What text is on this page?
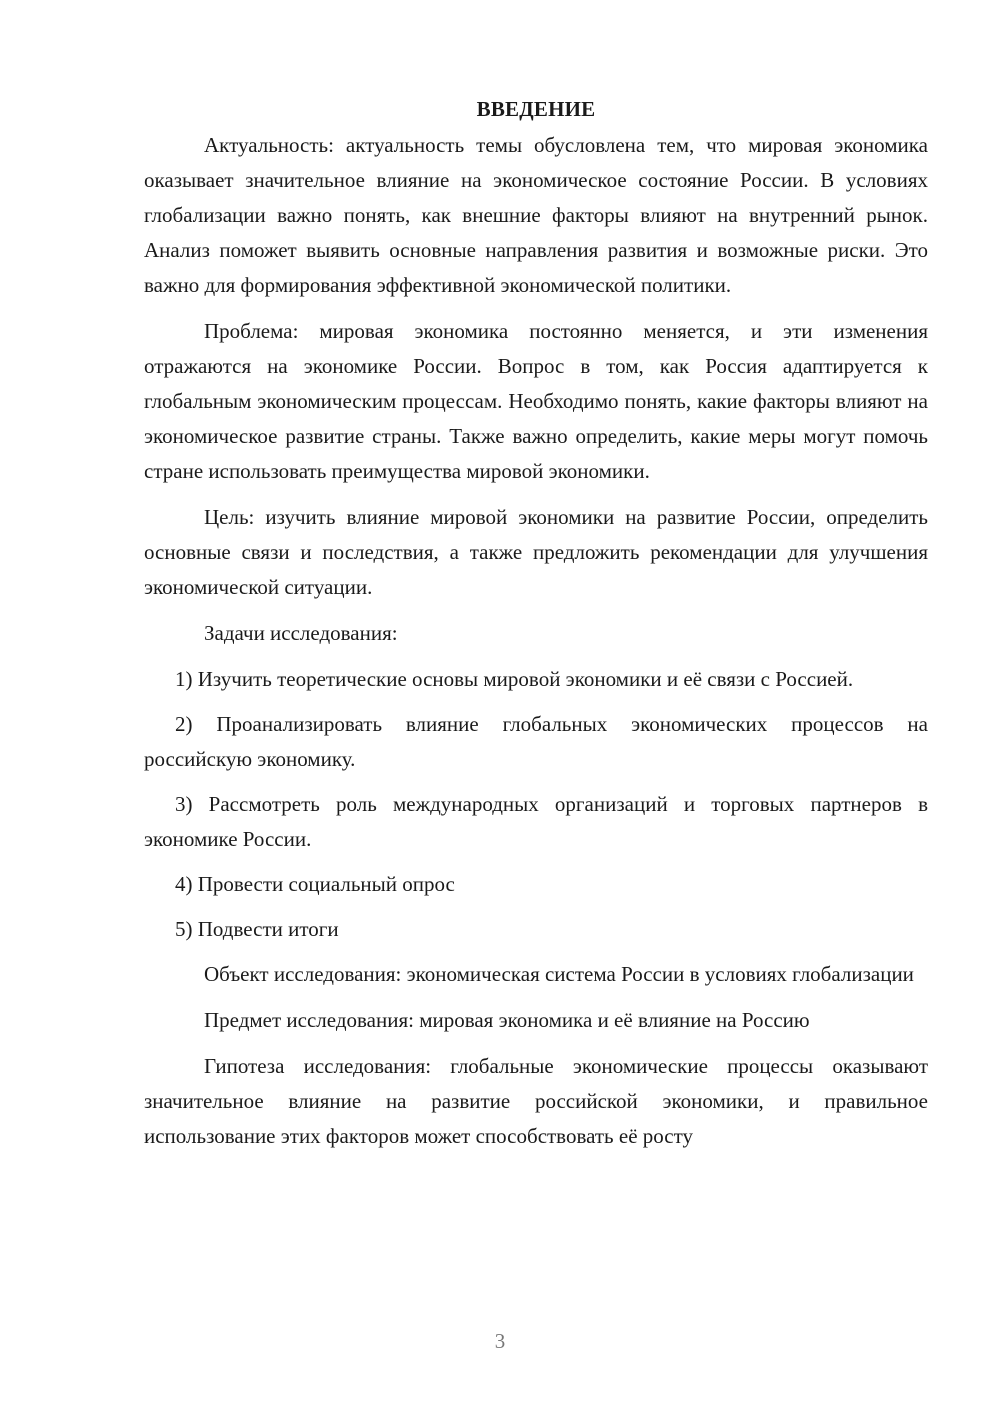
ВВЕДЕНИЕ

Актуальность: актуальность темы обусловлена тем, что мировая экономика оказывает значительное влияние на экономическое состояние России. В условиях глобализации важно понять, как внешние факторы влияют на внутренний рынок. Анализ поможет выявить основные направления развития и возможные риски. Это важно для формирования эффективной экономической политики.

Проблема: мировая экономика постоянно меняется, и эти изменения отражаются на экономике России. Вопрос в том, как Россия адаптируется к глобальным экономическим процессам. Необходимо понять, какие факторы влияют на экономическое развитие страны. Также важно определить, какие меры могут помочь стране использовать преимущества мировой экономики.

Цель: изучить влияние мировой экономики на развитие России, определить основные связи и последствия, а также предложить рекомендации для улучшения экономической ситуации.

Задачи исследования:

1) Изучить теоретические основы мировой экономики и её связи с Россией.

2) Проанализировать влияние глобальных экономических процессов на российскую экономику.

3) Рассмотреть роль международных организаций и торговых партнеров в экономике России.

4) Провести социальный опрос

5) Подвести итоги

Объект исследования: экономическая система России в условиях глобализации

Предмет исследования: мировая экономика и её влияние на Россию

Гипотеза исследования: глобальные экономические процессы оказывают значительное влияние на развитие российской экономики, и правильное использование этих факторов может способствовать её росту

3
